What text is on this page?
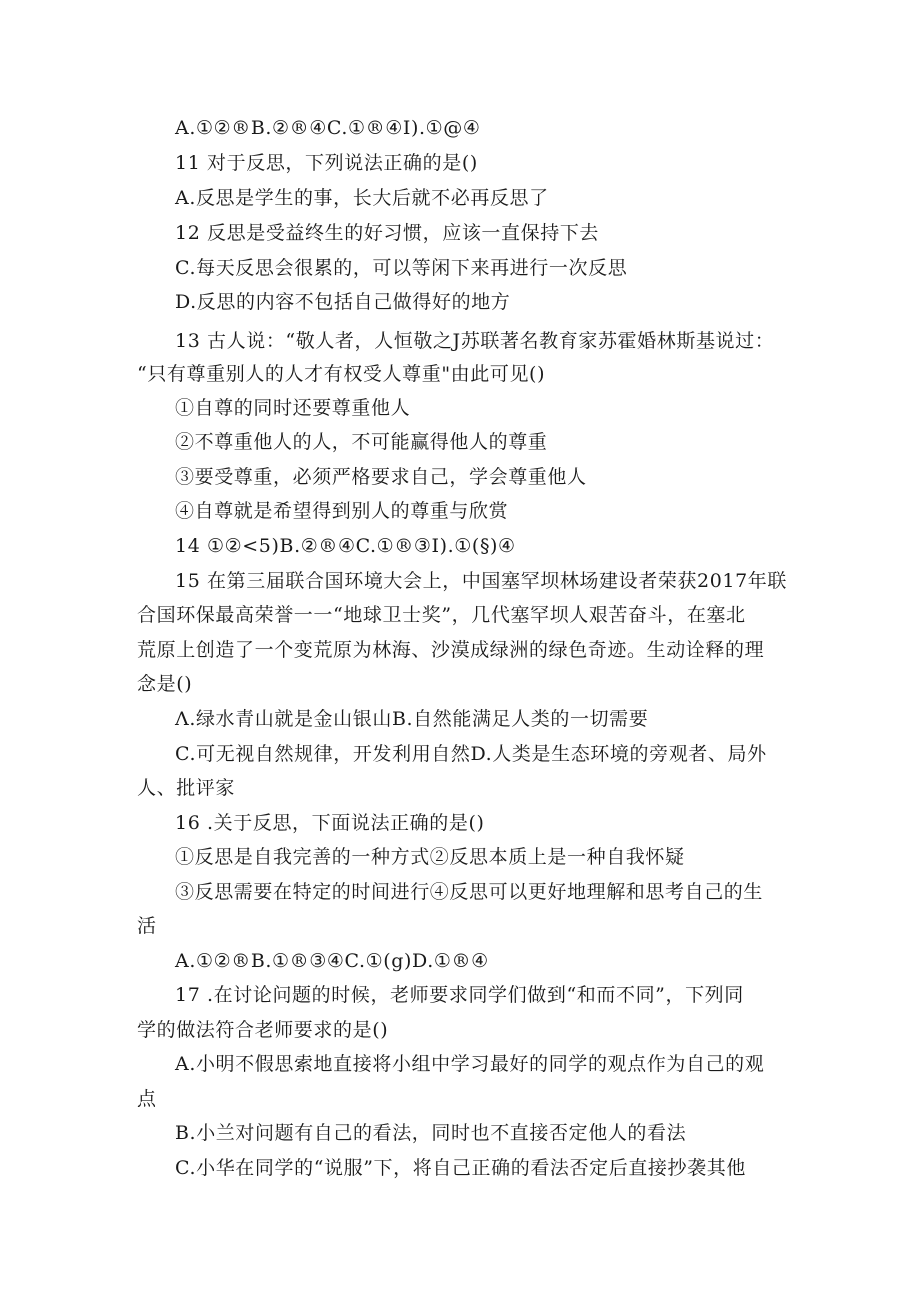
A.①②®B.②®④C.①®④I).①@④
11 对于反思，下列说法正确的是()
A.反思是学生的事，长大后就不必再反思了
12 反思是受益终生的好习惯，应该一直保持下去
C.每天反思会很累的，可以等闲下来再进行一次反思
D.反思的内容不包括自己做得好的地方
13 古人说：“敬人者，人恒敬之J苏联著名教育家苏霍婚林斯基说过：
“只有尊重别人的人才有权受人尊重"由此可见()
①自尊的同时还要尊重他人
②不尊重他人的人，不可能赢得他人的尊重
③要受尊重，必须严格要求自己，学会尊重他人
④自尊就是希望得到别人的尊重与欣赏
14 ①②<5)B.②®④C.①®③I).①(§)④
15 在第三届联合国环境大会上，中国塞罕坝林场建设者荣获2017年联
合国环保最高荣誉一一“地球卫士奖”，几代塞罕坝人艰苦奋斗，在塞北
荒原上创造了一个变荒原为林海、沙漠成绿洲的绿色奇迹。生动诠释的理
念是()
Λ.绿水青山就是金山银山B.自然能满足人类的一切需要
C.可无视自然规律，开发利用自然D.人类是生态环境的旁观者、局外
人、批评家
16 .关于反思，下面说法正确的是()
①反思是自我完善的一种方式②反思本质上是一种自我怀疑
③反思需要在特定的时间进行④反思可以更好地理解和思考自己的生
活
A.①②®B.①®③④C.①(g)D.①®④
17 .在讨论问题的时候，老师要求同学们做到“和而不同”，下列同
学的做法符合老师要求的是()
A.小明不假思索地直接将小组中学习最好的同学的观点作为自己的观
点
B.小兰对问题有自己的看法，同时也不直接否定他人的看法
C.小华在同学的“说服”下，将自己正确的看法否定后直接抄袭其他
